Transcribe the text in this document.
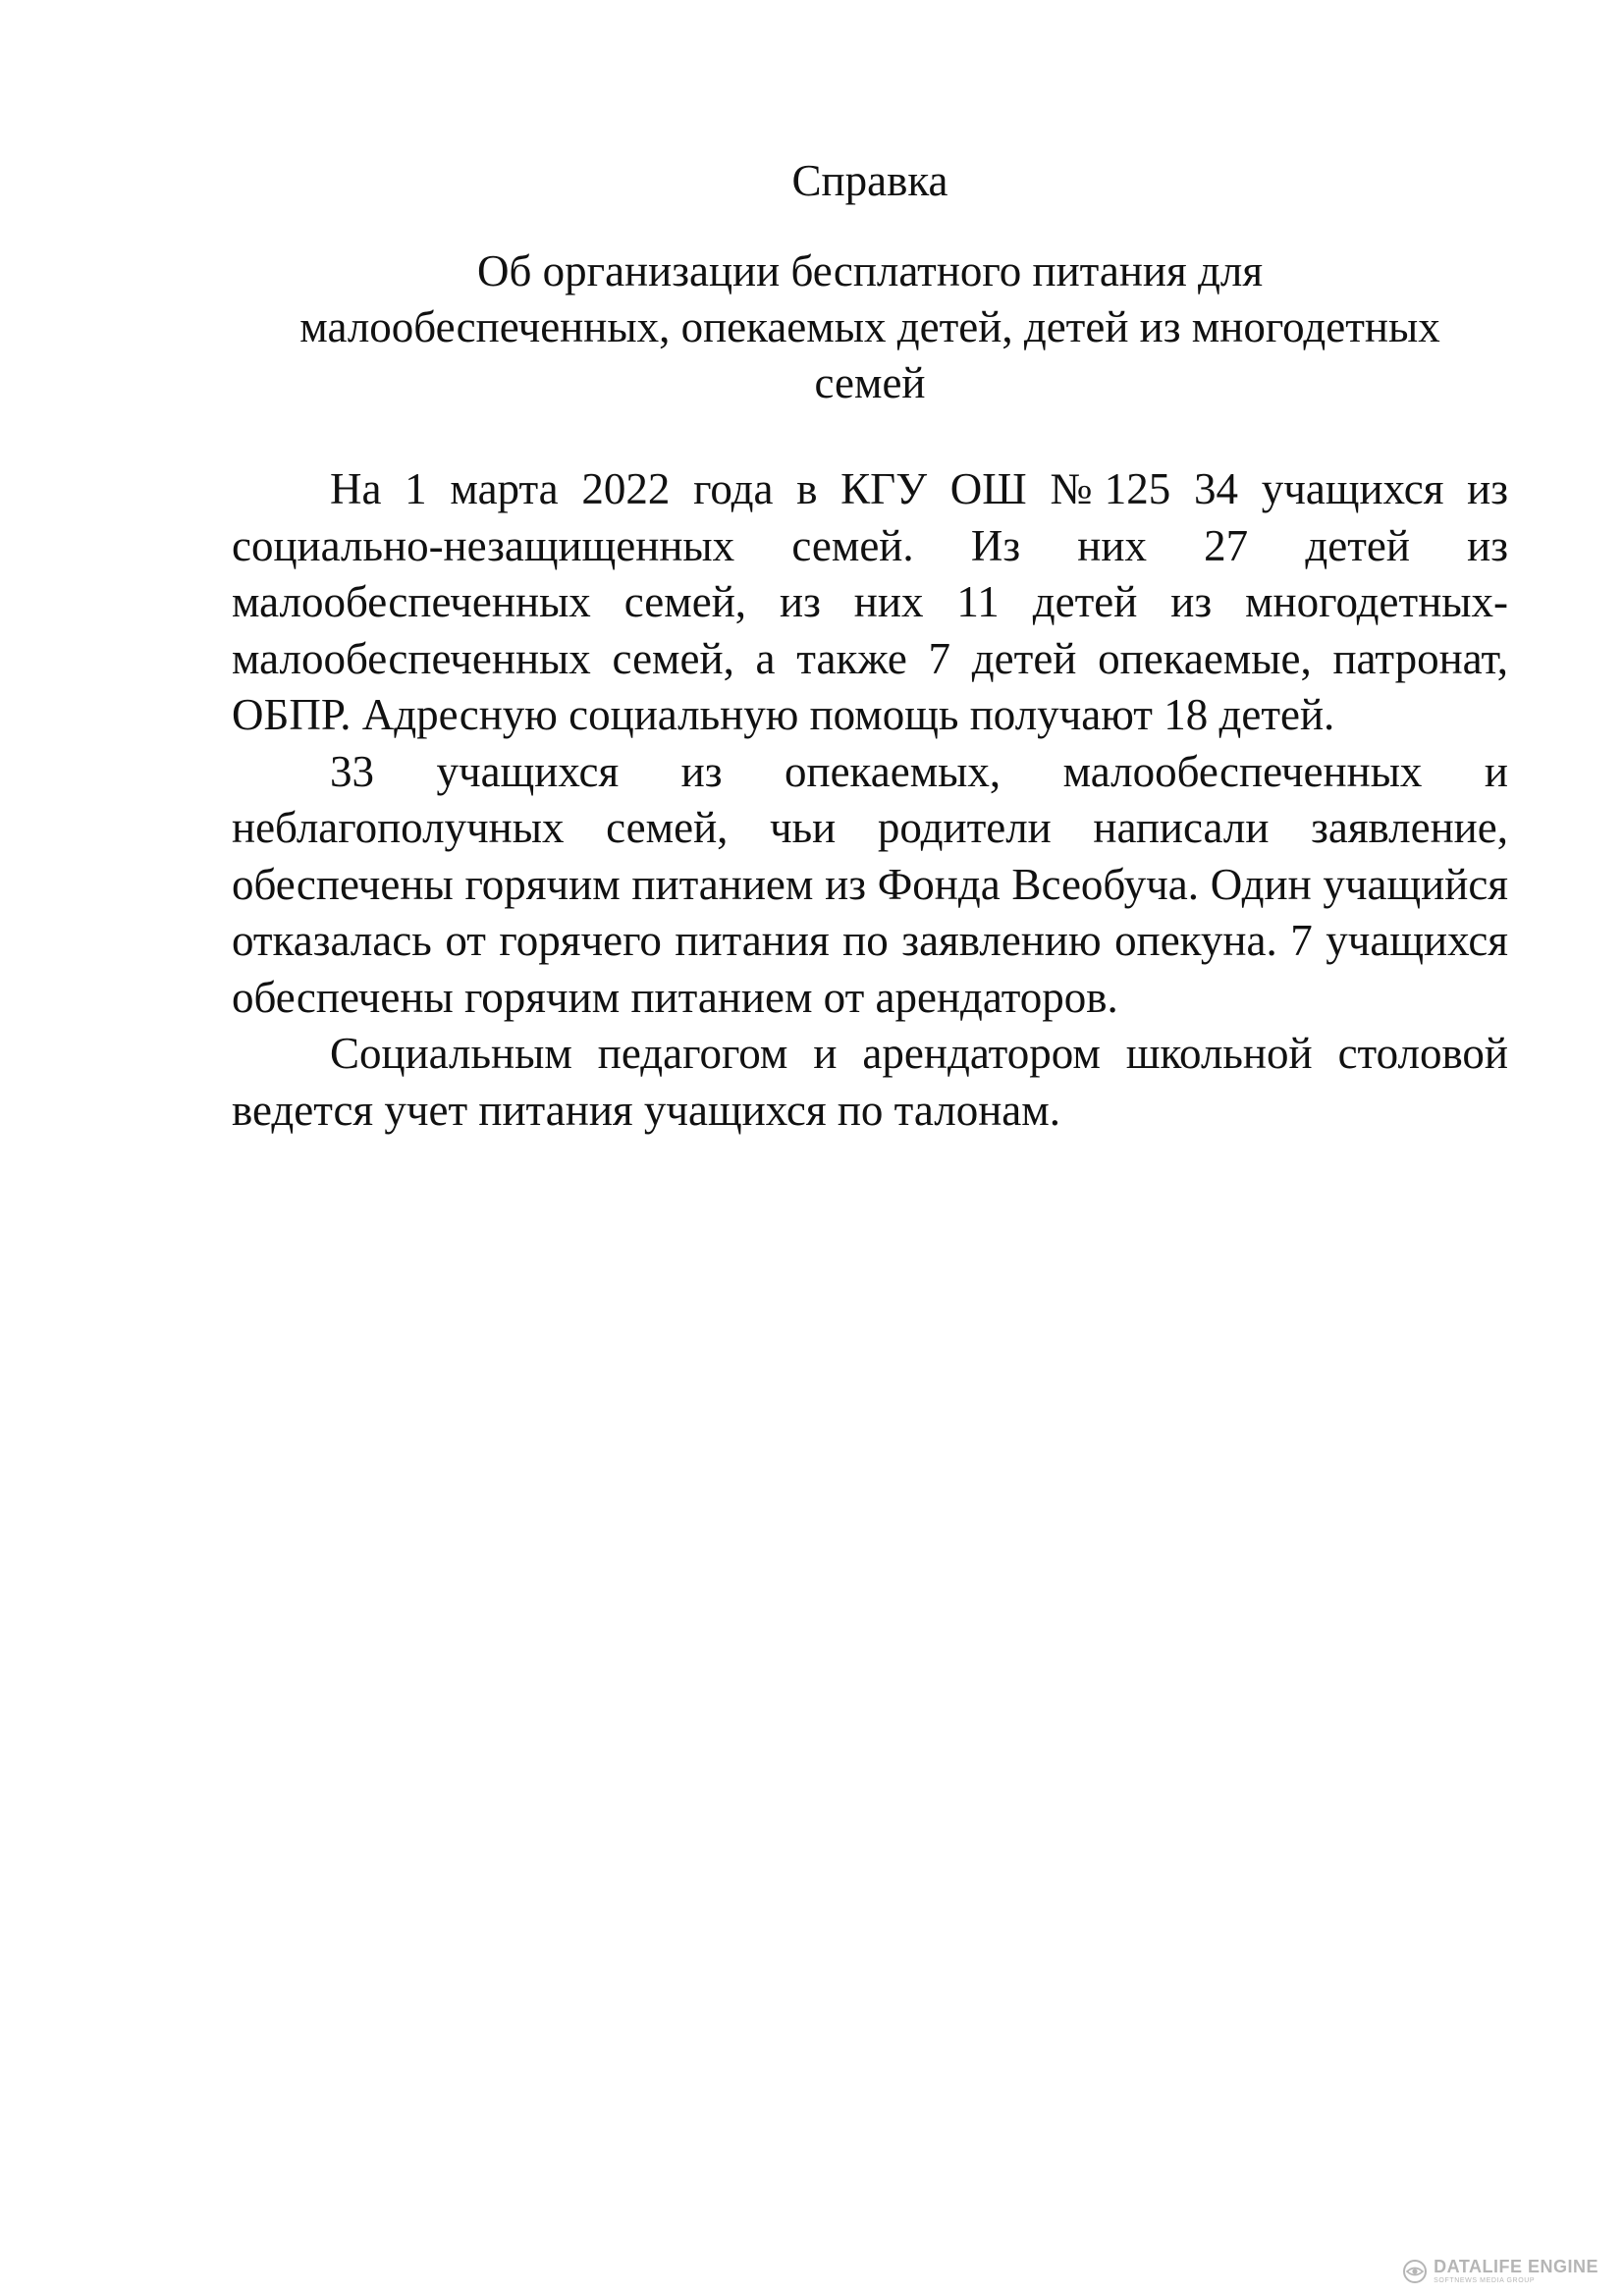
Справка
Об организации бесплатного питания для
малообеспеченных, опекаемых детей, детей из многодетных
семей

На 1 марта 2022 года в КГУ ОШ №125 34 учащихся из социально-незащищенных семей. Из них 27 детей из малообеспеченных семей, из них 11 детей из многодетных-малообеспеченных семей, а также 7 детей опекаемые, патронат, ОБПР. Адресную социальную помощь получают 18 детей.

33 учащихся из опекаемых, малообеспеченных и неблагополучных семей, чьи родители написали заявление, обеспечены горячим питанием из Фонда Всеобуча. Один учащийся отказалась от горячего питания по заявлению опекуна. 7 учащихся обеспечены горячим питанием от арендаторов.

Социальным педагогом и арендатором школьной столовой ведется учет питания учащихся по талонам.

DATALIFE ENGINE
SOFTNEWS MEDIA GROUP
